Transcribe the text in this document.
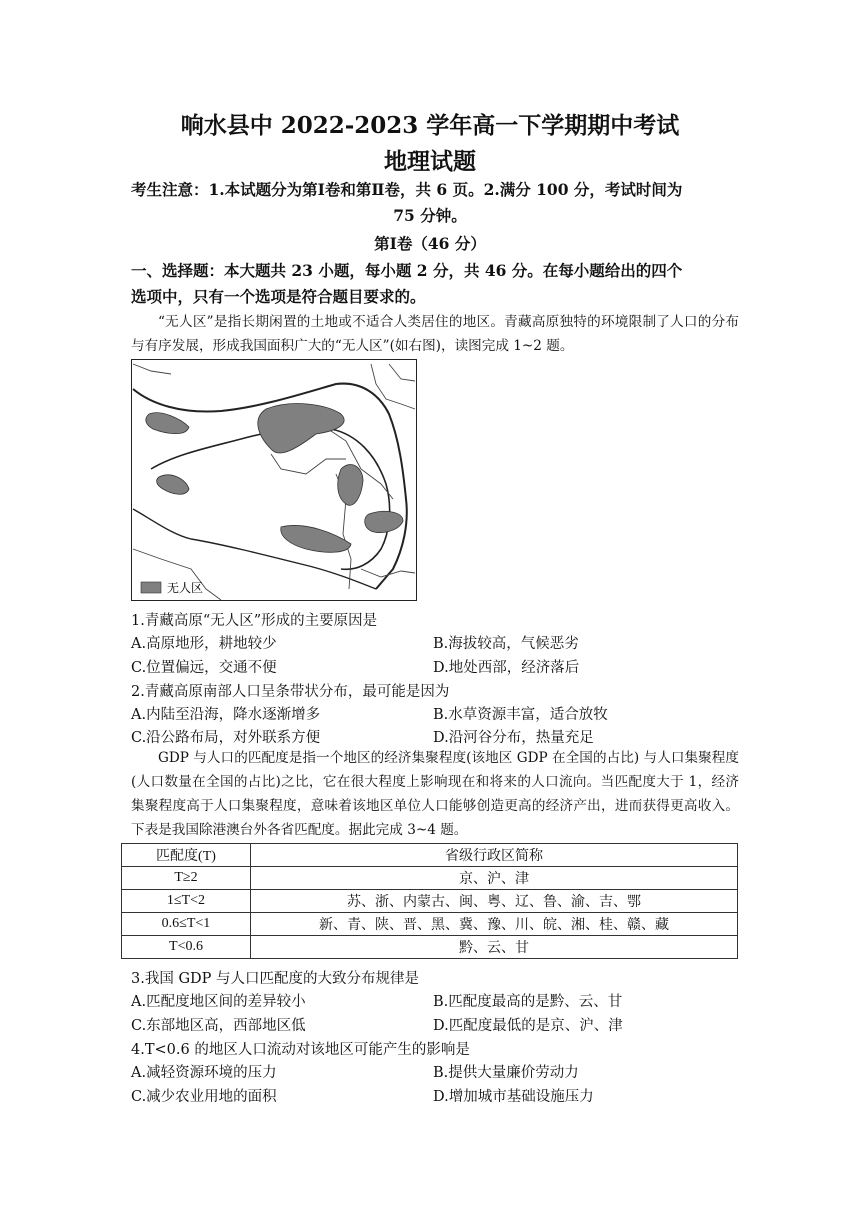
响水县中 2022-2023 学年高一下学期期中考试
地理试题
考生注意：1.本试题分为第Ⅰ卷和第Ⅱ卷，共 6 页。2.满分 100 分，考试时间为
75 分钟。
第Ⅰ卷（46 分）
一、选择题：本大题共 23 小题，每小题 2 分，共 46 分。在每小题给出的四个
选项中，只有一个选项是符合题目要求的。
“无人区”是指长期闲置的土地或不适合人类居住的地区。青藏高原独特的环境限制了人口的分布与有序发展，形成我国面积广大的“无人区”(如右图)，读图完成 1~2 题。
无人区
1.青藏高原“无人区”形成的主要原因是
A.高原地形，耕地较少	B.海拔较高，气候恶劣
C.位置偏远，交通不便	D.地处西部，经济落后
2.青藏高原南部人口呈条带状分布，最可能是因为
A.内陆至沿海，降水逐渐增多	B.水草资源丰富，适合放牧
C.沿公路布局，对外联系方便	D.沿河谷分布，热量充足
GDP 与人口的匹配度是指一个地区的经济集聚程度(该地区 GDP 在全国的占比) 与人口集聚程度(人口数量在全国的占比)之比，它在很大程度上影响现在和将来的人口流向。当匹配度大于 1，经济集聚程度高于人口集聚程度，意味着该地区单位人口能够创造更高的经济产出，进而获得更高收入。下表是我国除港澳台外各省匹配度。据此完成 3~4 题。
匹配度(T)	省级行政区简称
T≥2	京、沪、津
1≤T<2	苏、浙、内蒙古、闽、粤、辽、鲁、渝、吉、鄂
0.6≤T<1	新、青、陕、晋、黑、冀、豫、川、皖、湘、桂、赣、藏
T<0.6	黔、云、甘
3.我国 GDP 与人口匹配度的大致分布规律是
A.匹配度地区间的差异较小	B.匹配度最高的是黔、云、甘
C.东部地区高，西部地区低	D.匹配度最低的是京、沪、津
4.T<0.6 的地区人口流动对该地区可能产生的影响是
A.减轻资源环境的压力	B.提供大量廉价劳动力
C.减少农业用地的面积	D.增加城市基础设施压力
